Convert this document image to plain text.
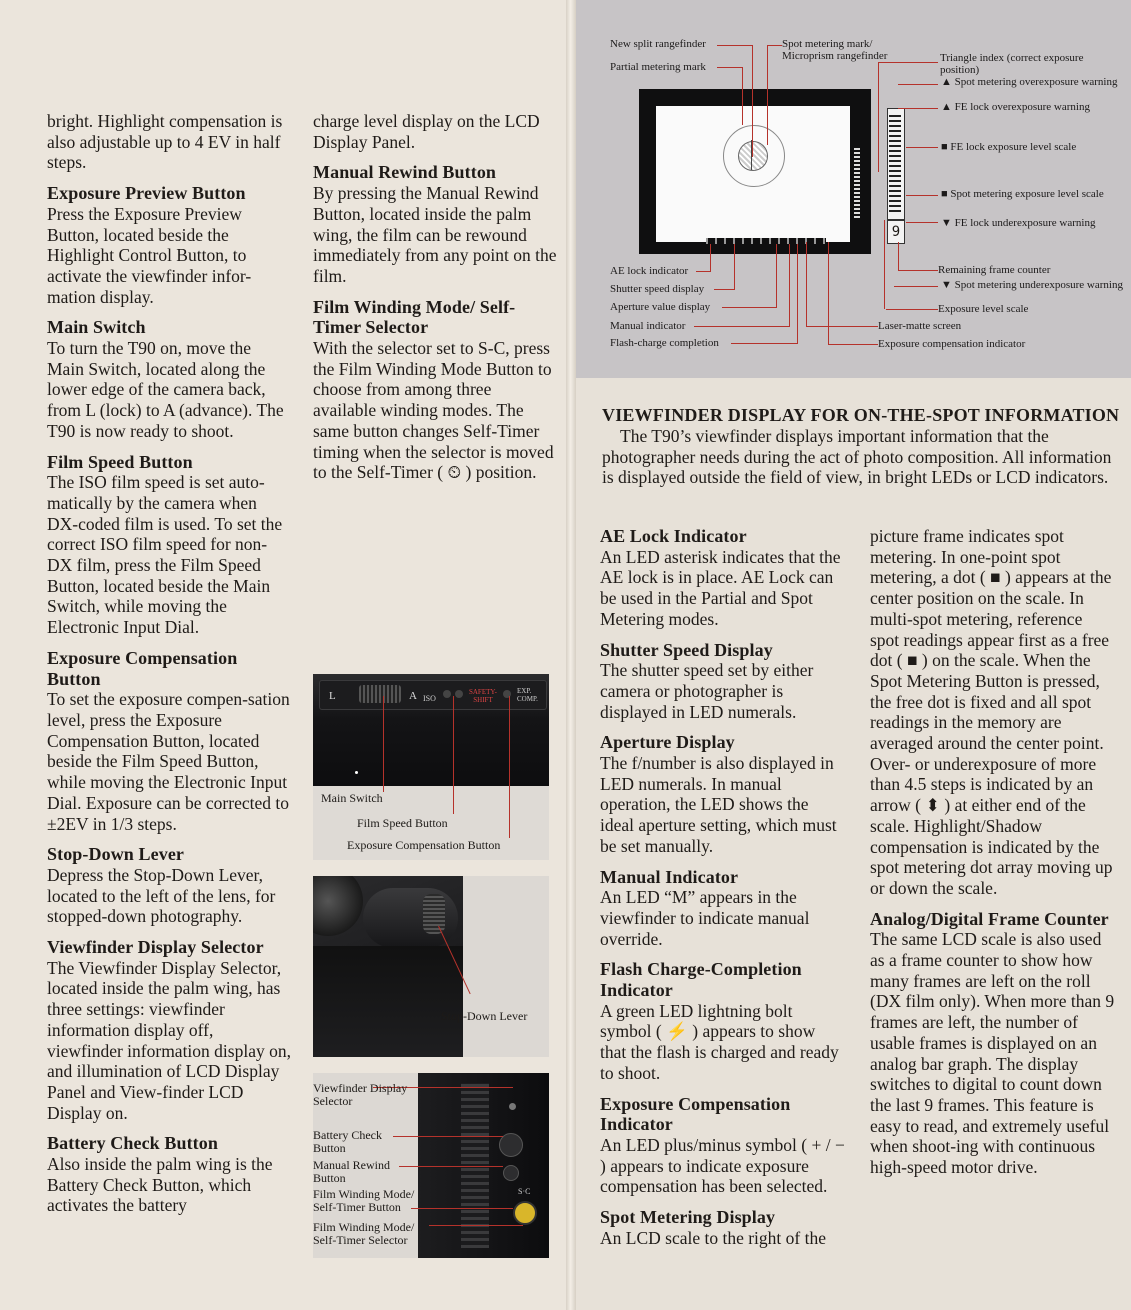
bright. Highlight compensation is also adjustable up to 4 EV in half steps.

Exposure Preview Button
Press the Exposure Preview Button, located beside the Highlight Control Button, to activate the viewfinder infor-mation display.
Main Switch
To turn the T90 on, move the Main Switch, located along the lower edge of the camera back, from L (lock) to A (advance). The T90 is now ready to shoot.
Film Speed Button
The ISO film speed is set auto-matically by the camera when DX-coded film is used. To set the correct ISO film speed for non-DX film, press the Film Speed Button, located beside the Main Switch, while moving the Electronic Input Dial.
Exposure Compensation Button
To set the exposure compen-sation level, press the Exposure Compensation Button, located beside the Film Speed Button, while moving the Electronic Input Dial. Exposure can be corrected to ±2EV in 1/3 steps.
Stop-Down Lever
Depress the Stop-Down Lever, located to the left of the lens, for stopped-down photography.
Viewfinder Display Selector
The Viewfinder Display Selector, located inside the palm wing, has three settings: viewfinder information display off, viewfinder information display on, and illumination of LCD Display Panel and View-finder LCD Display on.
Battery Check Button
Also inside the palm wing is the Battery Check Button, which activates the battery

charge level display on the LCD Display Panel.

Manual Rewind Button
By pressing the Manual Rewind Button, located inside the palm wing, the film can be rewound immediately from any point on the film.
Film Winding Mode/ Self-Timer Selector
With the selector set to S-C, press the Film Winding Mode Button to choose from among three available winding modes. The same button changes Self-Timer timing when the selector is moved to the Self-Timer ( ⏲ ) position.
L	A ISO
SAFETY-SHIFT
EXP. COMP.
Main Switch
Film Speed Button
Exposure Compensation Button
Stop-Down Lever
S·C
Viewfinder Display Selector
Battery Check Button
Manual Rewind Button
Film Winding Mode/ Self-Timer Button
Film Winding Mode/ Self-Timer Selector
9
New split rangefinder
Partial metering mark
Spot metering mark/ Microprism rangefinder	Triangle index (correct exposure position)
▲ Spot metering overexposure warning
▲ FE lock overexposure warning
■ FE lock exposure level scale
■ Spot metering exposure level scale
▼ FE lock underexposure warning
Remaining frame counter
▼ Spot metering underexposure warning
Exposure level scale
Laser-matte screen
Exposure compensation indicator
AE lock indicator
Shutter speed display
Aperture value display
Manual indicator
Flash-charge completion
VIEWFINDER DISPLAY FOR ON-THE-SPOT INFORMATION
The T90’s viewfinder displays important information that the photographer needs during the act of photo composition. All information is displayed outside the field of view, in bright LEDs or LCD indicators.
AE Lock Indicator
An LED asterisk indicates that the AE lock is in place. AE Lock can be used in the Partial and Spot Metering modes.
Shutter Speed Display
The shutter speed set by either camera or photographer is displayed in LED numerals.
Aperture Display
The f/number is also displayed in LED numerals. In manual operation, the LED shows the ideal aperture setting, which must be set manually.
Manual Indicator
An LED “M” appears in the viewfinder to indicate manual override.
Flash Charge-Completion Indicator
A green LED lightning bolt symbol ( ⚡ ) appears to show that the flash is charged and ready to shoot.
Exposure Compensation Indicator
An LED plus/minus symbol ( + / − ) appears to indicate exposure compensation has been selected.
Spot Metering Display
An LCD scale to the right of the

picture frame indicates spot metering. In one-point spot metering, a dot ( ■ ) appears at the center position on the scale. In multi-spot metering, reference spot readings appear first as a free dot ( ■ ) on the scale. When the Spot Metering Button is pressed, the free dot is fixed and all spot readings in the memory are averaged around the center point. Over- or underexposure of more than 4.5 steps is indicated by an arrow ( ⬍ ) at either end of the scale. Highlight/Shadow compensation is indicated by the spot metering dot array moving up or down the scale.

Analog/Digital Frame Counter
The same LCD scale is also used as a frame counter to show how many frames are left on the roll (DX film only). When more than 9 frames are left, the number of usable frames is displayed on an analog bar graph. The display switches to digital to count down the last 9 frames. This feature is easy to read, and extremely useful when shoot-ing with continuous high-speed motor drive.
